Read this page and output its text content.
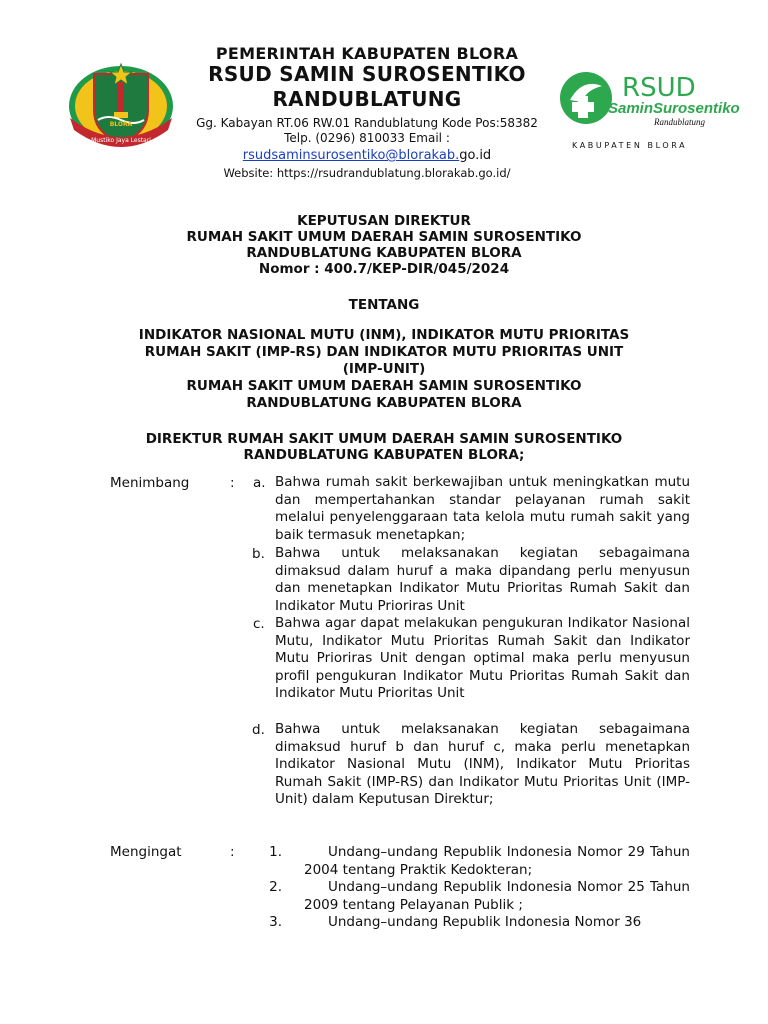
Mustiko Jaya Lestari
BLORA
PEMERINTAH KABUPATEN BLORA
RSUD SAMIN SUROSENTIKO
RANDUBLATUNG
Gg. Kabayan RT.06 RW.01 Randublatung Kode Pos:58382
Telp. (0296) 810033 Email :
rsudsaminsurosentiko@blorakab.go.id
Website: https://rsudrandublatung.blorakab.go.id/
RSUD
SaminSurosentiko
Randublatung
KABUPATEN BLORA
KEPUTUSAN DIREKTUR
RUMAH SAKIT UMUM DAERAH SAMIN SUROSENTIKO
RANDUBLATUNG KABUPATEN BLORA
Nomor : 400.7/KEP-DIR/045/2024
TENTANG
INDIKATOR NASIONAL MUTU (INM), INDIKATOR MUTU PRIORITAS
RUMAH SAKIT (IMP-RS) DAN INDIKATOR MUTU PRIORITAS UNIT
(IMP-UNIT)
RUMAH SAKIT UMUM DAERAH SAMIN SUROSENTIKO
RANDUBLATUNG KABUPATEN BLORA
DIREKTUR RUMAH SAKIT UMUM DAERAH SAMIN SUROSENTIKO
RANDUBLATUNG KABUPATEN BLORA;
Menimbang	: a. Bahwa rumah sakit berkewajiban untuk meningkatkan mutu dan mempertahankan standar pelayanan rumah sakit melalui penyelenggaraan tata kelola mutu rumah sakit yang baik termasuk menetapkan;
b. Bahwa untuk melaksanakan kegiatan sebagaimana dimaksud dalam huruf a maka dipandang perlu menyusun dan menetapkan Indikator Mutu Prioritas Rumah Sakit dan Indikator Mutu Prioriras Unit
c. Bahwa agar dapat melakukan pengukuran Indikator Nasional Mutu, Indikator Mutu Prioritas Rumah Sakit dan Indikator Mutu Prioriras Unit dengan optimal maka perlu menyusun profil pengukuran Indikator Mutu Prioritas Rumah Sakit dan Indikator Mutu Prioritas Unit
d. Bahwa untuk melaksanakan kegiatan sebagaimana dimaksud huruf b dan huruf c, maka perlu menetapkan Indikator Nasional Mutu (INM), Indikator Mutu Prioritas Rumah Sakit (IMP-RS) dan Indikator Mutu Prioritas Unit (IMP-Unit) dalam Keputusan Direktur;
Mengingat	:	1.	Undang–undang Republik Indonesia Nomor 29 Tahun 2004 tentang Praktik Kedokteran;
2.	Undang–undang Republik Indonesia Nomor 25 Tahun 2009 tentang Pelayanan Publik ;
3.	Undang–undang Republik Indonesia Nomor 36
